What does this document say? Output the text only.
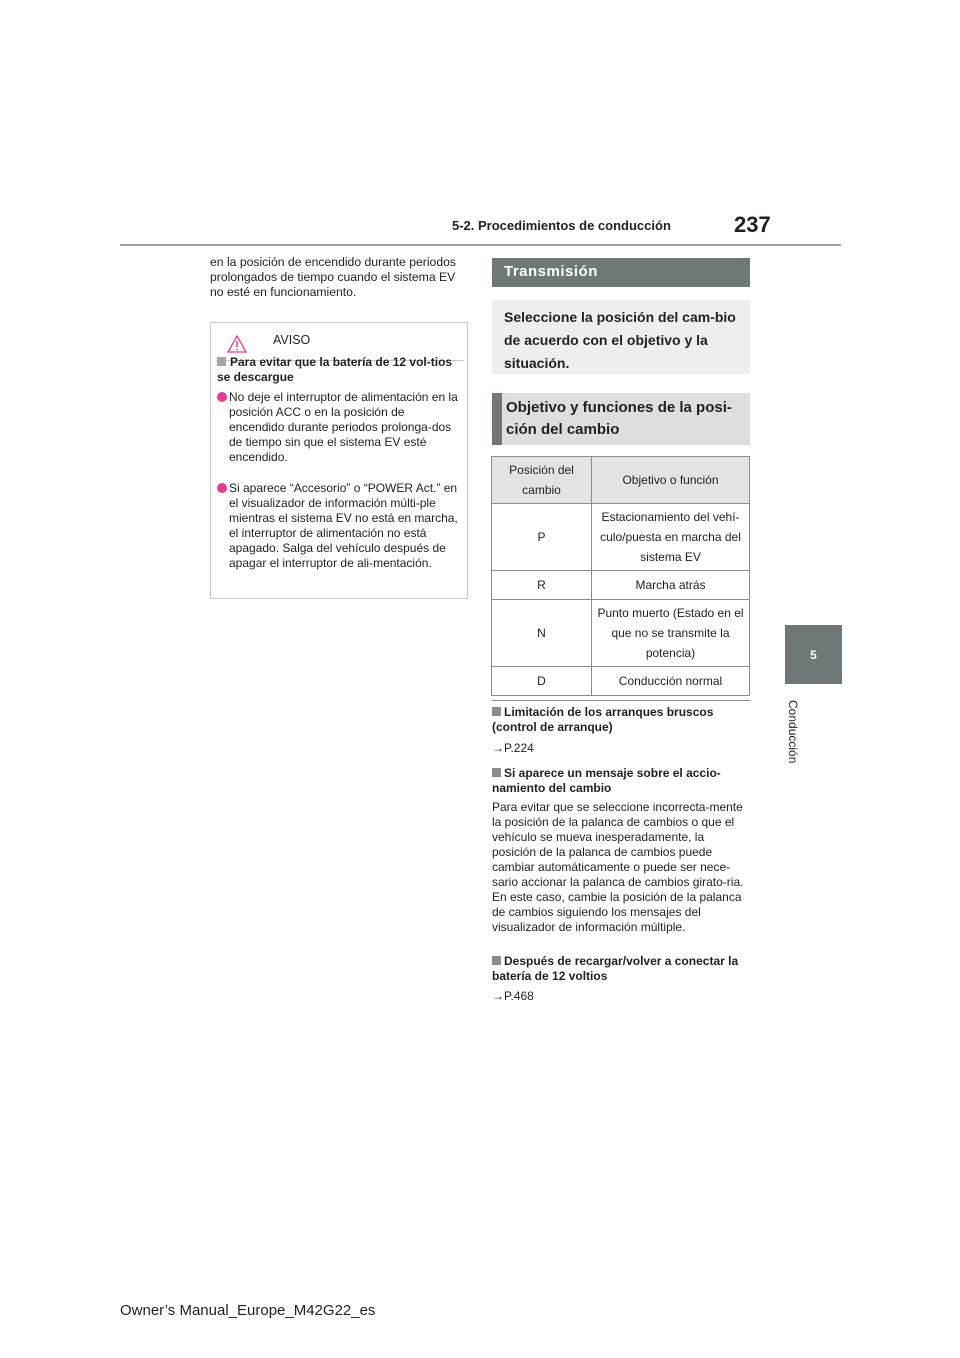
5-2. Procedimientos de conducción	237
5
Conducción
en la posición de encendido durante periodos prolongados de tiempo cuando el sistema EV no esté en funcionamiento.
AVISO
Para evitar que la batería de 12 vol-tios se descargue
No deje el interruptor de alimentación en la posición ACC o en la posición de encendido durante periodos prolonga-dos de tiempo sin que el sistema EV esté encendido.
Si aparece “Accesorio” o “POWER Act.” en el visualizador de información múlti-ple mientras el sistema EV no está en marcha, el interruptor de alimentación no está apagado. Salga del vehículo después de apagar el interruptor de ali-mentación.
Transmisión
Seleccione la posición del cam-bio de acuerdo con el objetivo y la situación.
Objetivo y funciones de la posi-ción del cambio
Posición del cambio	Objetivo o función
P	Estacionamiento del vehí-culo/puesta en marcha del sistema EV
R	Marcha atrás
N	Punto muerto (Estado en el que no se transmite la potencia)
D	Conducción normal
Limitación de los arranques bruscos (control de arranque)
→P.224
Si aparece un mensaje sobre el accio-namiento del cambio
Para evitar que se seleccione incorrecta-mente la posición de la palanca de cambios o que el vehículo se mueva inesperadamente, la posición de la palanca de cambios puede cambiar automáticamente o puede ser nece-sario accionar la palanca de cambios girato-ria. En este caso, cambie la posición de la palanca de cambios siguiendo los mensajes del visualizador de información múltiple.
Después de recargar/volver a conectar la batería de 12 voltios
→P.468
Owner’s Manual_Europe_M42G22_es
